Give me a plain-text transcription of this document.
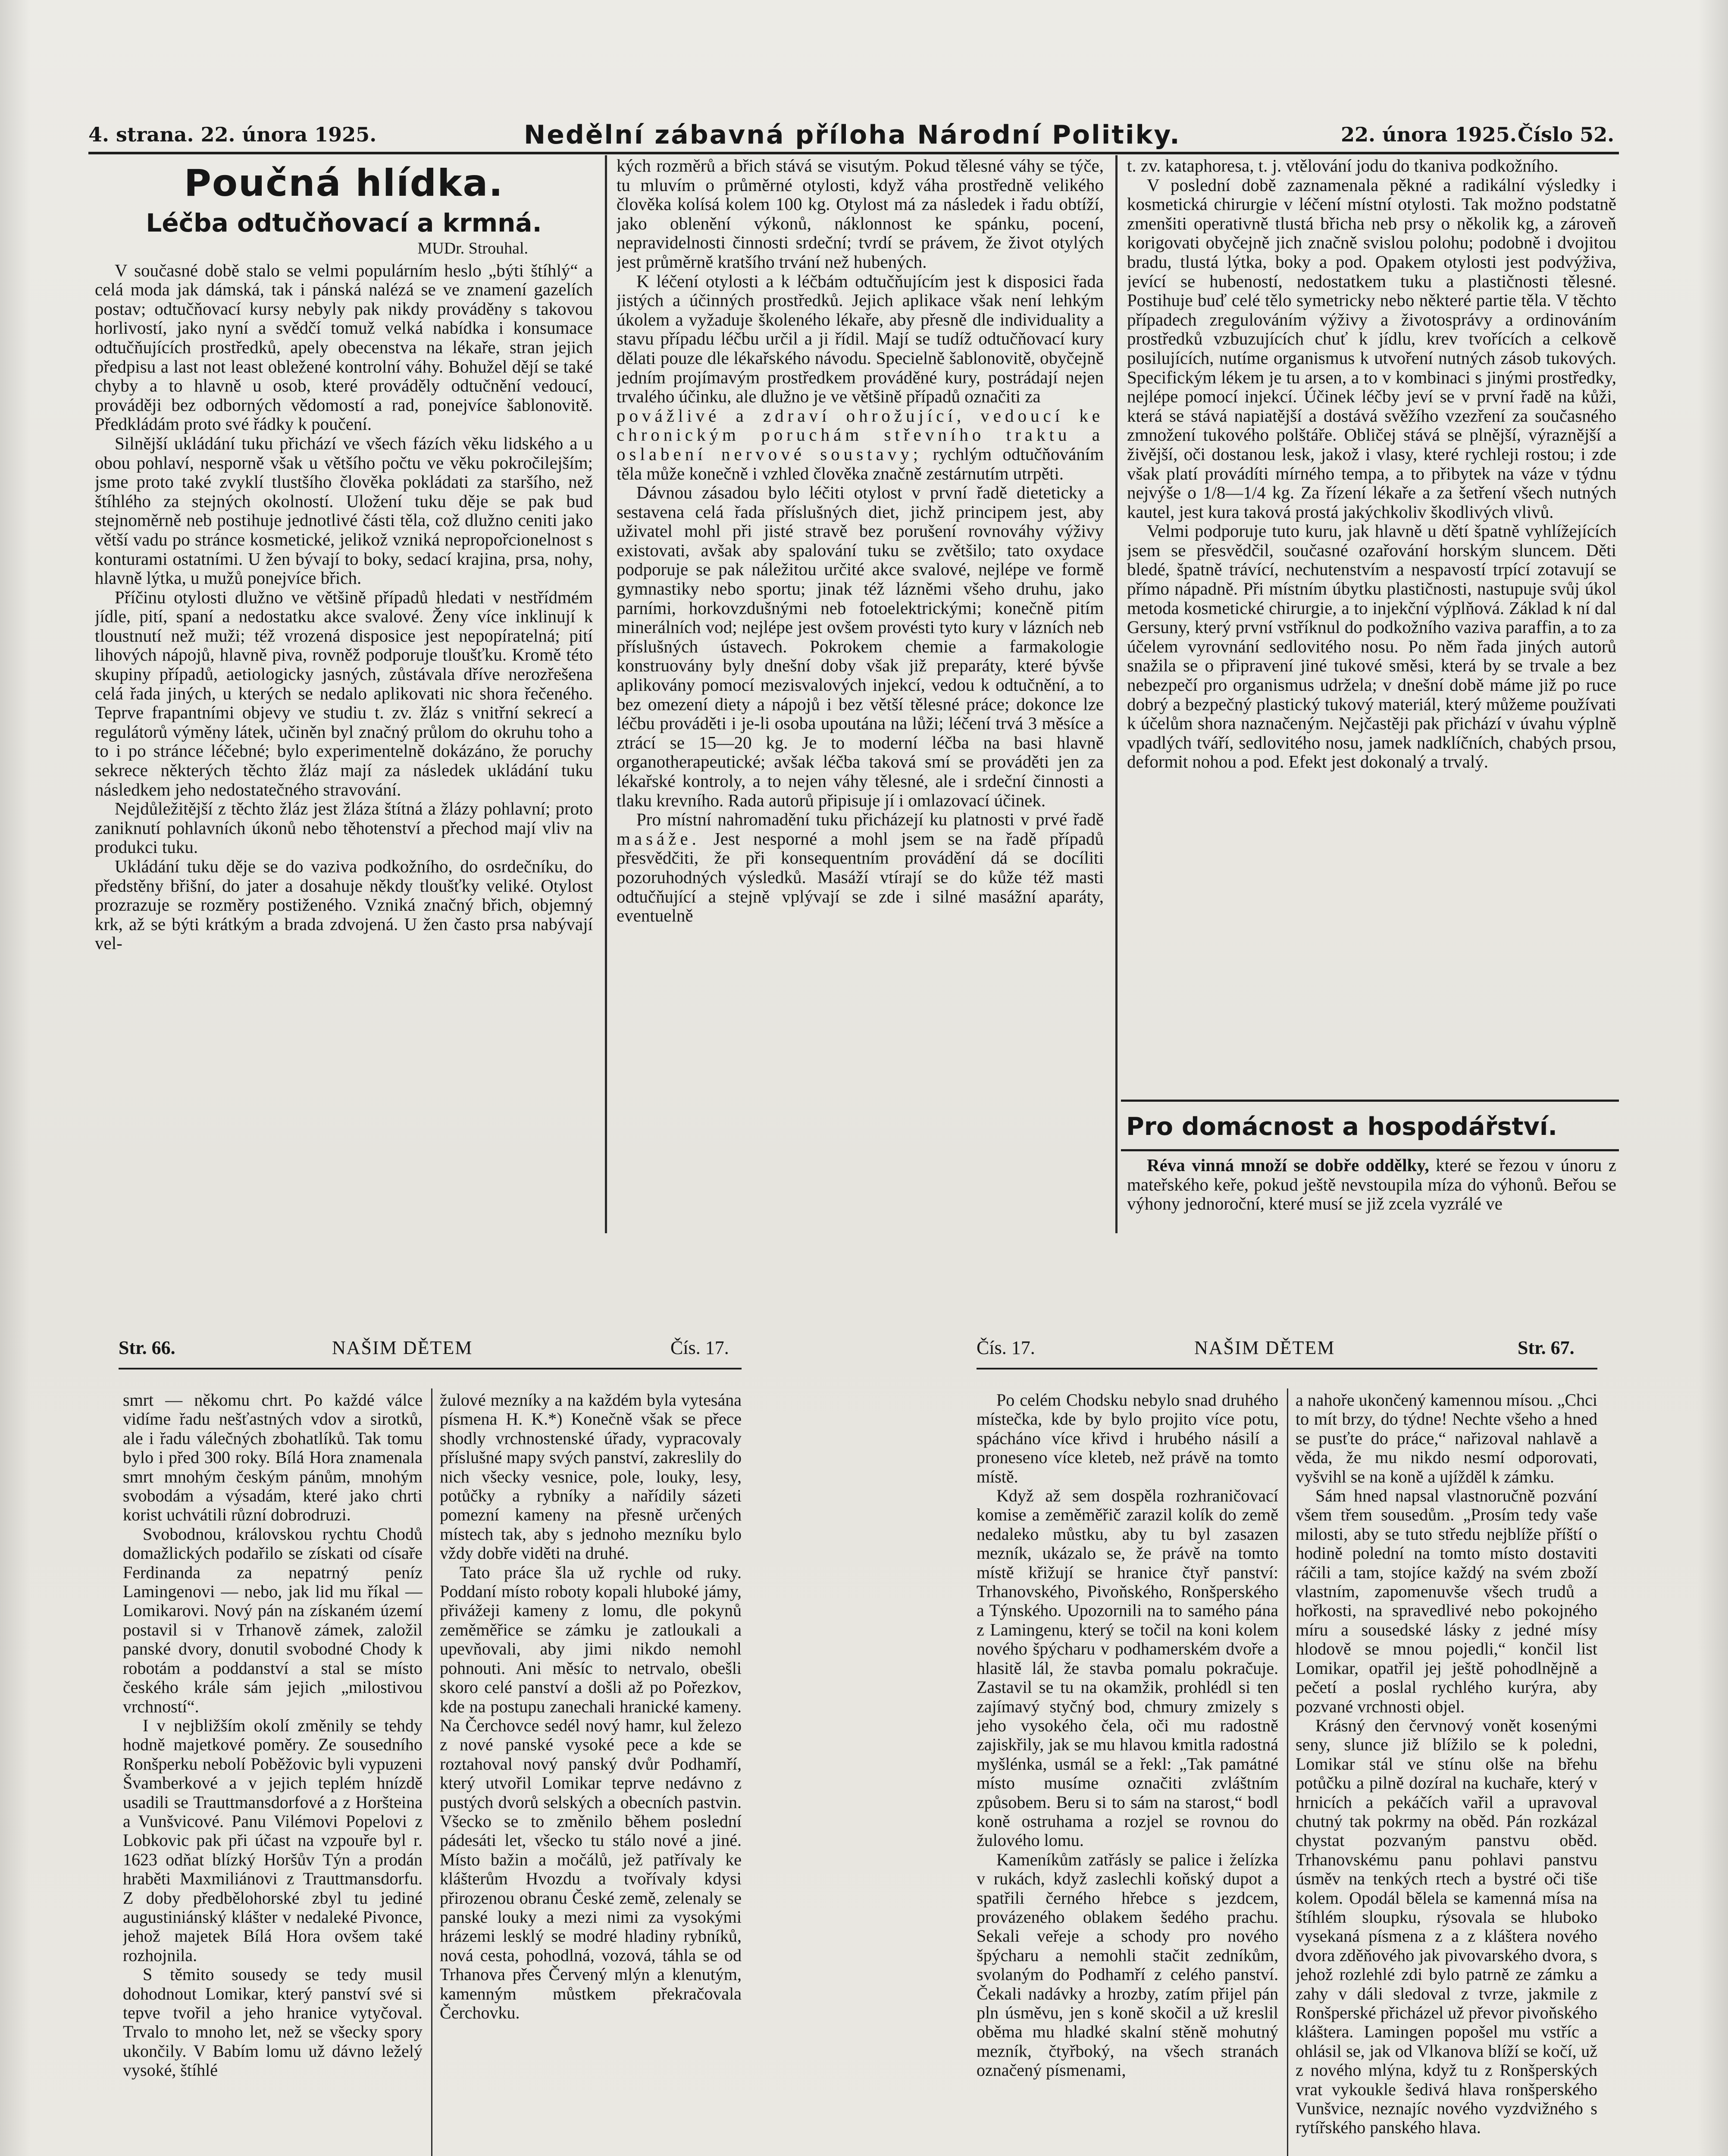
4. strana. 22. února 1925.	Nedělní zábavná příloha Národní Politiky.	22. února 1925. Číslo 52.
Poučná hlídka.
Léčba odtučňovací a krmná.
MUDr. Strouhal.

V současné době stalo se velmi populárním heslo „býti štíhlý“ a celá moda jak dámská, tak i pánská nalézá se ve znamení gazelích postav; odtučňovací kursy nebyly pak nikdy prováděny s takovou horlivostí, jako nyní a svědčí tomuž velká nabídka i konsumace odtučňujících prostředků, apely obecenstva na lékaře, stran jejich předpisu a last not least obležené kontrolní váhy. Bohužel dějí se také chyby a to hlavně u osob, které prováděly odtučnění vedoucí, prováději bez odborných vědomostí a rad, ponejvíce šablonovitě. Předkládám proto své řádky k poučení.

Silnější ukládání tuku přichází ve všech fázích věku lidského a u obou pohlaví, nesporně však u většího počtu ve věku pokročilejším; jsme proto také zvyklí tlustšího člověka pokládati za staršího, než štíhlého za stejných okolností. Uložení tuku děje se pak bud stejnoměrně neb postihuje jednotlivé části těla, což dlužno ceniti jako větší vadu po stránce kosmetické, jelikož vzniká nepropořcionelnost s konturami ostatními. U žen bývají to boky, sedací krajina, prsa, nohy, hlavně lýtka, u mužů ponejvíce břich.

Příčinu otylosti dlužno ve většině případů hledati v nestřídmém jídle, pití, spaní a nedostatku akce svalové. Ženy více inklinují k tloustnutí než muži; též vrozená disposice jest nepopíratelná; pití lihových nápojů, hlavně piva, rovněž podporuje tloušťku. Kromě této skupiny případů, aetiologicky jasných, zůstávala dříve nerozřešena celá řada jiných, u kterých se nedalo aplikovati nic shora řečeného. Teprve frapantními objevy ve studiu t. zv. žláz s vnitřní sekrecí a regulátorů výměny látek, učiněn byl značný průlom do okruhu toho a to i po stránce léčebné; bylo experimentelně dokázáno, že poruchy sekrece některých těchto žláz mají za následek ukládání tuku následkem jeho nedostatečného stravování.

Nejdůležitější z těchto žláz jest žláza štítná a žlázy pohlavní; proto zaniknutí pohlavních úkonů nebo těhotenství a přechod mají vliv na produkci tuku.

Ukládání tuku děje se do vaziva podkožního, do osrdečníku, do předstěny břišní, do jater a dosahuje někdy tloušťky veliké. Otylost prozrazuje se rozměry postiženého. Vzniká značný břich, objemný krk, až se býti krátkým a brada zdvojená. U žen často prsa nabývají vel-

kých rozměrů a břich stává se visutým. Pokud tělesné váhy se týče, tu mluvím o průměrné otylosti, když váha prostředně velikého člověka kolísá kolem 100 kg. Otylost má za následek i řadu obtíží, jako oblenění výkonů, náklonnost ke spánku, pocení, nepravidelnosti činnosti srdeční; tvrdí se právem, že život otylých jest průměrně kratšího trvání než hubených.

K léčení otylosti a k léčbám odtučňujícím jest k disposici řada jistých a účinných prostředků. Jejich aplikace však není lehkým úkolem a vyžaduje školeného lékaře, aby přesně dle individuality a stavu případu léčbu určil a ji řídil. Mají se tudíž odtučňovací kury dělati pouze dle lékařského návodu. Specielně šablonovitě, obyčejně jedním projímavým prostředkem prováděné kury, postrádají nejen trvalého účinku, ale dlužno je ve většině případů označiti za

povážlivé a zdraví ohrožující, vedoucí ke chronickým poruchám střevního traktu a oslabení nervové soustavy; rychlým odtučňováním těla může konečně i vzhled člověka značně zestárnutím utrpěti.

Dávnou zásadou bylo léčiti otylost v první řadě dieteticky a sestavena celá řada příslušných diet, jichž principem jest, aby uživatel mohl při jisté stravě bez porušení rovnováhy výživy existovati, avšak aby spalování tuku se zvětšilo; tato oxydace podporuje se pak náležitou určité akce svalové, nejlépe ve formě gymnastiky nebo sportu; jinak též lázněmi všeho druhu, jako parními, horkovzdušnými neb fotoelektrickými; konečně pitím minerálních vod; nejlépe jest ovšem provésti tyto kury v lázních neb příslušných ústavech. Pokrokem chemie a farmakologie konstruovány byly dnešní doby však již preparáty, které bývše aplikovány pomocí mezisvalových injekcí, vedou k odtučnění, a to bez omezení diety a nápojů i bez větší tělesné práce; dokonce lze léčbu prováděti i je-li osoba upoutána na lůži; léčení trvá 3 měsíce a ztrácí se 15—20 kg. Je to moderní léčba na basi hlavně organotherapeutické; avšak léčba taková smí se prováděti jen za lékařské kontroly, a to nejen váhy tělesné, ale i srdeční činnosti a tlaku krevního. Rada autorů připisuje jí i omlazovací účinek.

Pro místní nahromadění tuku přicházejí ku platnosti v prvé řadě masáže. Jest nesporné a mohl jsem se na řadě případů přesvědčiti, že při konsequentním provádění dá se docíliti pozoruhodných výsledků. Masáží vtírají se do kůže též masti odtučňující a stejně vplývají se zde i silné masážní aparáty, eventuelně

t. zv. kataphoresa, t. j. vtělování jodu do tkaniva podkožního.

V poslední době zaznamenala pěkné a radikální výsledky i kosmetická chirurgie v léčení místní otylosti. Tak možno podstatně zmenšiti operativně tlustá břicha neb prsy o několik kg, a zároveň korigovati obyčejně jich značně svislou polohu; podobně i dvojitou bradu, tlustá lýtka, boky a pod. Opakem otylosti jest podvýživa, jevící se hubeností, nedostatkem tuku a plastičnosti tělesné. Postihuje buď celé tělo symetricky nebo některé partie těla. V těchto případech zregulováním výživy a životosprávy a ordinováním prostředků vzbuzujících chuť k jídlu, krev tvořících a celkově posilujících, nutíme organismus k utvoření nutných zásob tukových. Specifickým lékem je tu arsen, a to v kombinaci s jinými prostředky, nejlépe pomocí injekcí. Účinek léčby jeví se v první řadě na kůži, která se stává napiatější a dostává svěžího vzezření za současného zmnožení tukového polštáře. Obličej stává se plnější, výraznější a živější, oči dostanou lesk, jakož i vlasy, které rychleji rostou; i zde však platí provádíti mírného tempa, a to přibytek na váze v týdnu nejvýše o 1/8—1/4 kg. Za řízení lékaře a za šetření všech nutných kautel, jest kura taková prostá jakýchkoliv škodlivých vlivů.

Velmi podporuje tuto kuru, jak hlavně u dětí špatně vyhlížejících jsem se přesvědčil, současné ozařování horským sluncem. Děti bledé, špatně trávící, nechutenstvím a nespavostí trpící zotavují se přímo nápadně. Při místním úbytku plastičnosti, nastupuje svůj úkol metoda kosmetické chirurgie, a to injekční výplňová. Základ k ní dal Gersuny, který první vstříknul do podkožního vaziva paraffin, a to za účelem vyrovnání sedlovitého nosu. Po něm řada jiných autorů snažila se o připravení jiné tukové směsi, která by se trvale a bez nebezpečí pro organismus udržela; v dnešní době máme již po ruce dobrý a bezpečný plastický tukový materiál, který můžeme používati k účelům shora naznačeným. Nejčastěji pak přichází v úvahu výplně vpadlých tváří, sedlovitého nosu, jamek nadklíčních, chabých prsou, deformit nohou a pod. Efekt jest dokonalý a trvalý.

Pro domácnost a hospodářství.

Réva vinná množí se dobře oddělky, které se řezou v únoru z mateřského keře, pokud ještě nevstoupila míza do výhonů. Beřou se výhony jednoroční, které musí se již zcela vyzrálé ve

Str. 66.	NAŠIM DĚTEM	Čís. 17.

smrt — někomu chrt. Po každé válce vidíme řadu nešťastných vdov a sirotků, ale i řadu válečných zbohatlíků. Tak tomu bylo i před 300 roky. Bílá Hora znamenala smrt mnohým českým pánům, mnohým svobodám a výsadám, které jako chrti korist uchvátili různí dobrodruzi.

Svobodnou, královskou rychtu Chodů domažlických podařilo se získati od císaře Ferdinanda za nepatrný peníz Lamingenovi — nebo, jak lid mu říkal — Lomikarovi. Nový pán na získaném území postavil si v Trhanově zámek, založil panské dvory, donutil svobodné Chody k robotám a poddanství a stal se místo českého krále sám jejich „milostivou vrchností“.

I v nejbližším okolí změnily se tehdy hodně majetkové poměry. Ze sousedního Ronšperku nebolí Poběžovic byli vypuzeni Švamberkové a v jejich teplém hnízdě usadili se Trauttmansdorfové a z Horšteina a Vunšvicové. Panu Vilémovi Popelovi z Lobkovic pak při účast na vzpouře byl r. 1623 odňat blízký Horšův Týn a prodán hraběti Maxmiliánovi z Trauttmansdorfu. Z doby předbělohorské zbyl tu jediné augustiniánský klášter v nedaleké Pivonce, jehož majetek Bílá Hora ovšem také rozhojnila.

S těmito sousedy se tedy musil dohodnout Lomikar, který panství své si tepve tvořil a jeho hranice vytyčoval. Trvalo to mnoho let, než se všecky spory ukončily. V Babím lomu už dávno leželý vysoké, štíhlé

žulové mezníky a na každém byla vytesána písmena H. K.*) Konečně však se přece shodly vrchnostenské úřady, vypracovaly příslušné mapy svých panství, zakreslily do nich všecky vesnice, pole, louky, lesy, potůčky a rybníky a nařídily sázeti pomezní kameny na přesně určených místech tak, aby s jednoho mezníku bylo vždy dobře viděti na druhé.

Tato práce šla už rychle od ruky. Poddaní místo roboty kopali hluboké jámy, přivážeji kameny z lomu, dle pokynů zeměměřice se zámku je zatloukali a upevňovali, aby jimi nikdo nemohl pohnouti. Ani měsíc to netrvalo, obešli skoro celé panství a došli až po Pořezkov, kde na postupu zanechali hranické kameny. Na Čerchovce sedél nový hamr, kul železo z nové panské vysoké pece a kde se roztahoval nový panský dvůr Podhamří, který utvořil Lomikar teprve nedávno z pustých dvorů selských a obecních pastvin. Všecko se to změnilo během poslední pádesáti let, všecko tu stálo nové a jiné. Místo bažin a močálů, jež patřívaly ke klášterům Hvozdu a tvořívaly kdysi přirozenou obranu České země, zelenaly se panské louky a mezi nimi za vysokými hrázemi lesklý se modré hladiny rybníků, nová cesta, pohodlná, vozová, táhla se od Trhanova přes Červený mlýn a klenutým, kamenným můstkem překračovala Čerchovku.

Čís. 17.	NAŠIM DĚTEM	Str. 67.

Po celém Chodsku nebylo snad druhého místečka, kde by bylo projito více potu, spácháno více křivd i hrubého násilí a proneseno více kleteb, než právě na tomto místě.

Když až sem dospěla rozhraničovací komise a zeměměřič zarazil kolík do země nedaleko můstku, aby tu byl zasazen mezník, ukázalo se, že právě na tomto místě křižují se hranice čtyř panství: Trhanovského, Pivoňského, Ronšperského a Týnského. Upozornili na to samého pána z Lamingenu, který se točil na koni kolem nového špýcharu v podhamerském dvoře a hlasitě lál, že stavba pomalu pokračuje. Zastavil se tu na okamžik, prohlédl si ten zajímavý styčný bod, chmury zmizely s jeho vysokého čela, oči mu radostně zajiskřily, jak se mu hlavou kmitla radostná myšlénka, usmál se a řekl: „Tak památné místo musíme označiti zvláštním způsobem. Beru si to sám na starost,“ bodl koně ostruhama a rozjel se rovnou do žulového lomu.

Kameníkům zatřásly se palice i želízka v rukách, když zaslechli koňský dupot a spatřili černého hřebce s jezdcem, provázeného oblakem šedého prachu. Sekali veřeje a schody pro nového špýcharu a nemohli stačit zedníkům, svolaným do Podhamří z celého panství. Čekali nadávky a hrozby, zatím přijel pán pln úsměvu, jen s koně skočil a už kreslil oběma mu hladké skalní stěně mohutný mezník, čtyřboký, na všech stranách označený písmenami,

a nahoře ukončený kamennou mísou. „Chci to mít brzy, do týdne! Nechte všeho a hned se pusťte do práce,“ nařizoval nahlavě a věda, že mu nikdo nesmí odporovati, vyšvihl se na koně a ujížděl k zámku.

Sám hned napsal vlastnoručně pozvání všem třem sousedům. „Prosím tedy vaše milosti, aby se tuto středu nejblíže příští o hodině polední na tomto místo dostaviti ráčili a tam, stojíce každý na svém zboží vlastním, zapomenuvše všech trudů a hořkosti, na spravedlivé nebo pokojného míru a sousedské lásky z jedné mísy hlodově se mnou pojedli,“ končil list Lomikar, opatřil jej ještě pohodlnějně a pečetí a poslal rychlého kurýra, aby pozvané vrchnosti objel.

Krásný den červnový vonět kosenými seny, slunce již blížilo se k poledni, Lomikar stál ve stínu olše na břehu potůčku a pilně dozíral na kuchaře, který v hrnicích a pekáčích vařil a upravoval chutný tak pokrmy na oběd. Pán rozkázal chystat pozvaným panstvu oběd. Trhanovskému panu pohlavi panstvu úsměv na tenkých rtech a bystré oči tiše kolem. Opodál bělela se kamenná mísa na štíhlém sloupku, rýsovala se hluboko vysekaná písmena z a z kláštera nového dvora zděňového jak pivovarského dvora, s jehož rozlehlé zdi bylo patrně ze zámku a zahy v dáli sledoval z tvrze, jakmile z Ronšperské přicházel už převor pivoňského kláštera. Lamingen popošel mu vstříc a ohlásil se, jak od Vlkanova blíží se kočí, už z nového mlýna, když tu z Ronšperských vrat vykoukle šedivá hlava ronšperského Vunšvice, neznajíc nového vyzdvižného s rytířského panského hlava.
